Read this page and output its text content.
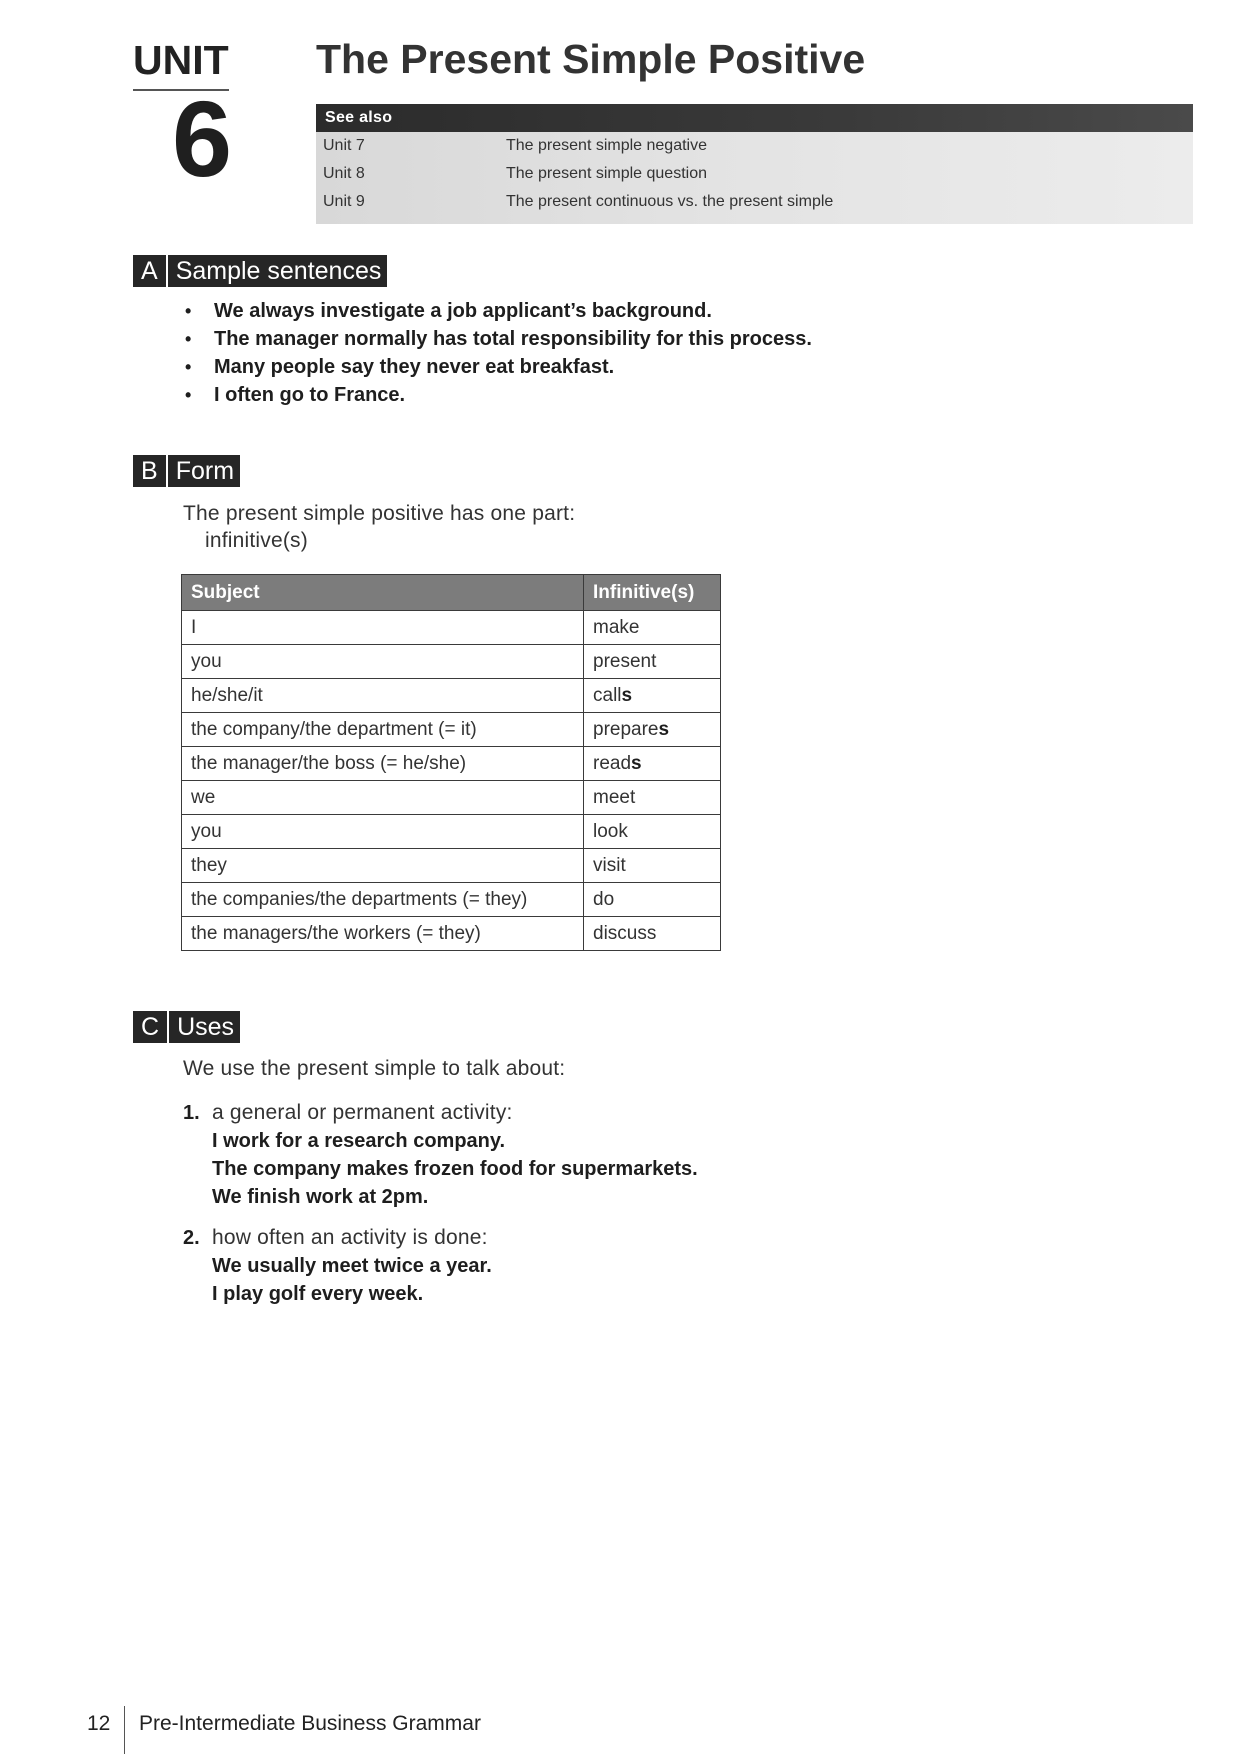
UNIT
6
The Present Simple Positive
See also
Unit 7	The present simple negative
Unit 8	The present simple question
Unit 9	The present continuous vs. the present simple
A Sample sentences
• We always investigate a job applicant’s background.
• The manager normally has total responsibility for this process.
• Many people say they never eat breakfast.
• I often go to France.
B Form
The present simple positive has one part:
infinitive(s)
Subject	Infinitive(s)
I	make
you	present
he/she/it	calls
the company/the department (= it)	prepares
the manager/the boss (= he/she)	reads
we	meet
you	look
they	visit
the companies/the departments (= they)	do
the managers/the workers (= they)	discuss
C Uses
We use the present simple to talk about:
1. a general or permanent activity:
I work for a research company.
The company makes frozen food for supermarkets.
We finish work at 2pm.
2. how often an activity is done:
We usually meet twice a year.
I play golf every week.
12 Pre-Intermediate Business Grammar
